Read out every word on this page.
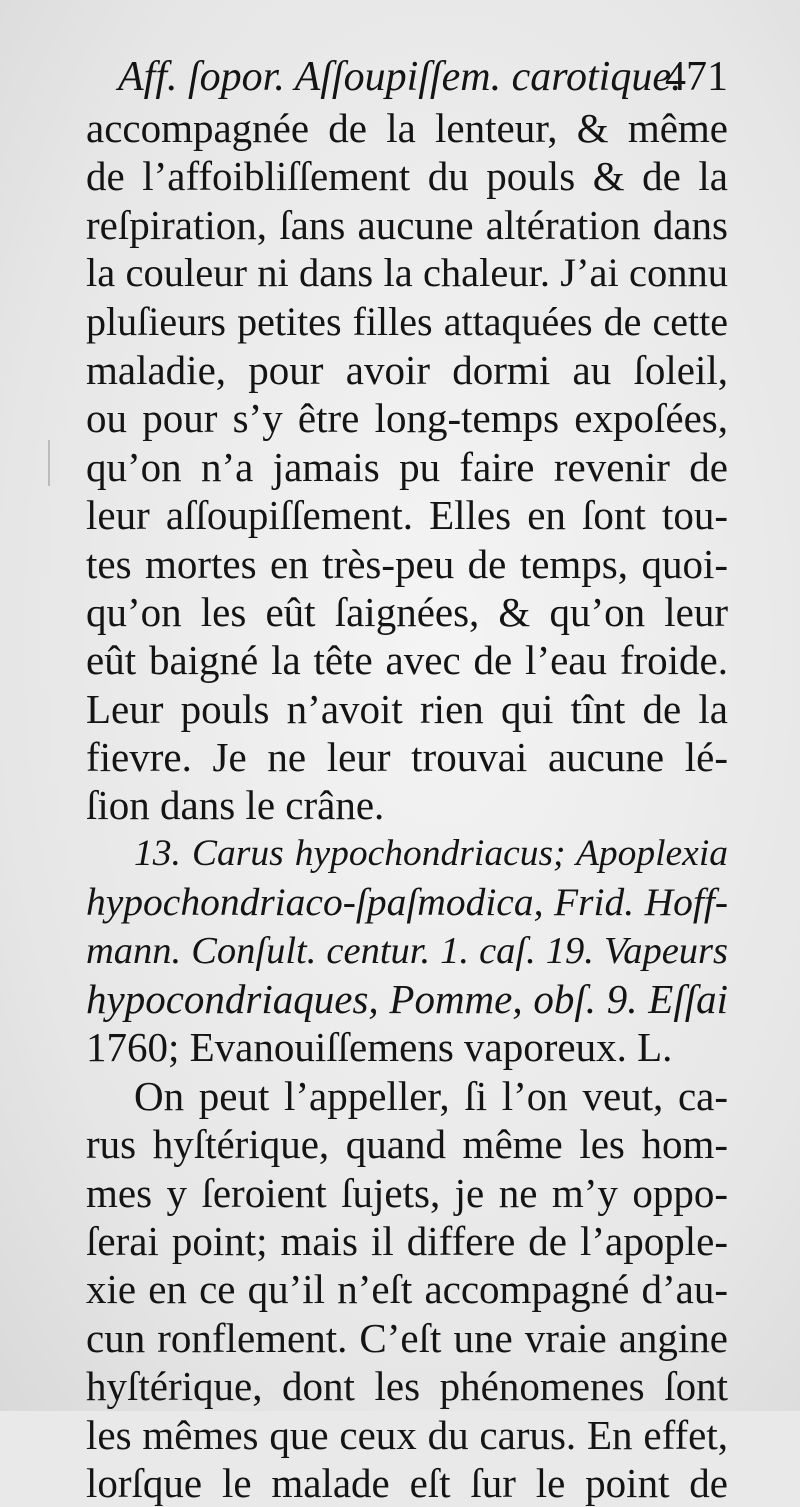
Aff. ſopor. Aſſoupiſſem. carotique.
471
accompagnée de la lenteur, & même
de l’affoibliſſement du pouls & de la
reſpiration, ſans aucune altération dans
la couleur ni dans la chaleur. J’ai connu
pluſieurs petites filles attaquées de cette
maladie, pour avoir dormi au ſoleil,
ou pour s’y être long-temps expoſées,
qu’on n’a jamais pu faire revenir de
leur aſſoupiſſement. Elles en ſont tou-
tes mortes en très-peu de temps, quoi-
qu’on les eût ſaignées, & qu’on leur
eût baigné la tête avec de l’eau froide.
Leur pouls n’avoit rien qui tînt de la
fievre. Je ne leur trouvai aucune lé-
ſion dans le crâne.
13. Carus hypochondriacus; Apoplexia
hypochondriaco-ſpaſmodica, Frid. Hoff-
mann. Conſult. centur. 1. caſ. 19. Vapeurs
hypocondriaques, Pomme, obſ. 9. Eſſai
1760; Evanouiſſemens vaporeux. L.
On peut l’appeller, ſi l’on veut, ca-
rus hyſtérique, quand même les hom-
mes y ſeroient ſujets, je ne m’y oppo-
ſerai point; mais il differe de l’apople-
xie en ce qu’il n’eſt accompagné d’au-
cun ronflement. C’eſt une vraie angine
hyſtérique, dont les phénomenes ſont
les mêmes que ceux du carus. En effet,
lorſque le malade eſt ſur le point de
